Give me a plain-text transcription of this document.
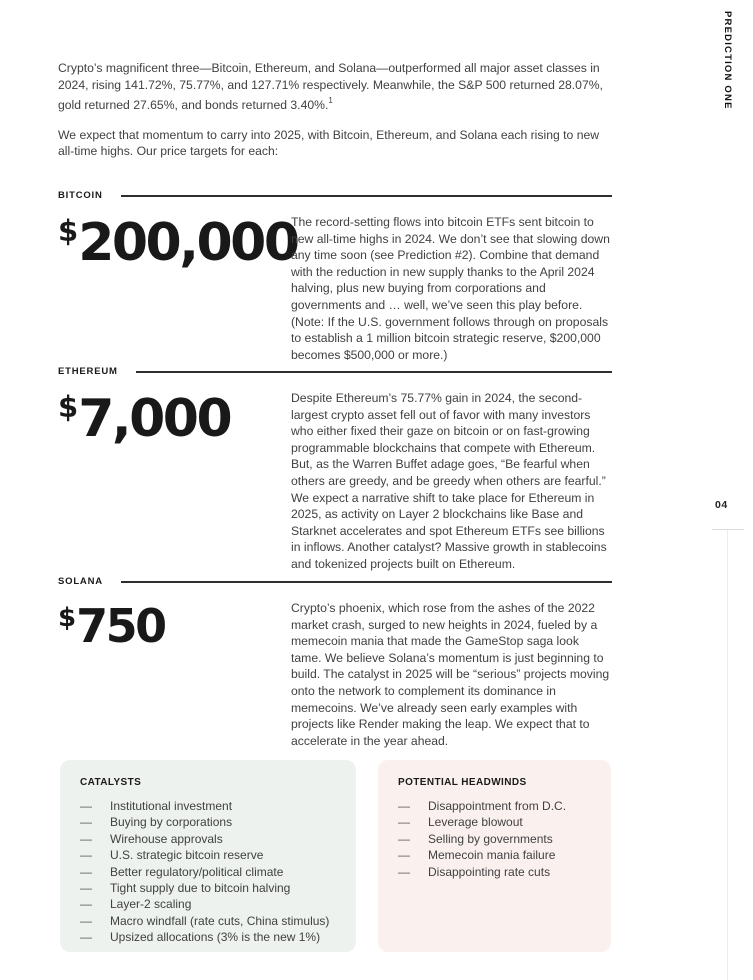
PREDICTION ONE
04

Crypto’s magnificent three—Bitcoin, Ethereum, and Solana—outperformed all major asset classes in 2024, rising 141.72%, 75.77%, and 127.71% respectively. Meanwhile, the S&P 500 returned 28.07%, gold returned 27.65%, and bonds returned 3.40%.$^1$

We expect that momentum to carry into 2025, with Bitcoin, Ethereum, and Solana each rising to new all-time highs. Our price targets for each:

BITCOIN
$200,000
The record-setting flows into bitcoin ETFs sent bitcoin to new all-time highs in 2024. We don’t see that slowing down any time soon (see Prediction #2). Combine that demand with the reduction in new supply thanks to the April 2024 halving, plus new buying from corporations and governments and … well, we’ve seen this play before. (Note: If the U.S. government follows through on proposals to establish a 1 million bitcoin strategic reserve, $200,000 becomes $500,000 or more.)
ETHEREUM
$7,000	Despite Ethereum’s 75.77% gain in 2024, the second-largest crypto asset fell out of favor with many investors who either fixed their gaze on bitcoin or on fast-growing programmable blockchains that compete with Ethereum. But, as the Warren Buffet adage goes, “Be fearful when others are greedy, and be greedy when others are fearful.” We expect a narrative shift to take place for Ethereum in 2025, as activity on Layer 2 blockchains like Base and Starknet accelerates and spot Ethereum ETFs see billions in inflows. Another catalyst? Massive growth in stablecoins and tokenized projects built on Ethereum.
SOLANA
$750	Crypto’s phoenix, which rose from the ashes of the 2022 market crash, surged to new heights in 2024, fueled by a memecoin mania that made the GameStop saga look tame. We believe Solana’s momentum is just beginning to build. The catalyst in 2025 will be “serious” projects moving onto the network to complement its dominance in memecoins. We’ve already seen early examples with projects like Render making the leap. We expect that to accelerate in the year ahead.
CATALYSTS
—	Institutional investment
—	Buying by corporations
—	Wirehouse approvals
—	U.S. strategic bitcoin reserve
—	Better regulatory/political climate
—	Tight supply due to bitcoin halving
—	Layer-2 scaling
—	Macro windfall (rate cuts, China stimulus)
—	Upsized allocations (3% is the new 1%)
POTENTIAL HEADWINDS
—	Disappointment from D.C.
—	Leverage blowout
—	Selling by governments
—	Memecoin mania failure
—	Disappointing rate cuts
